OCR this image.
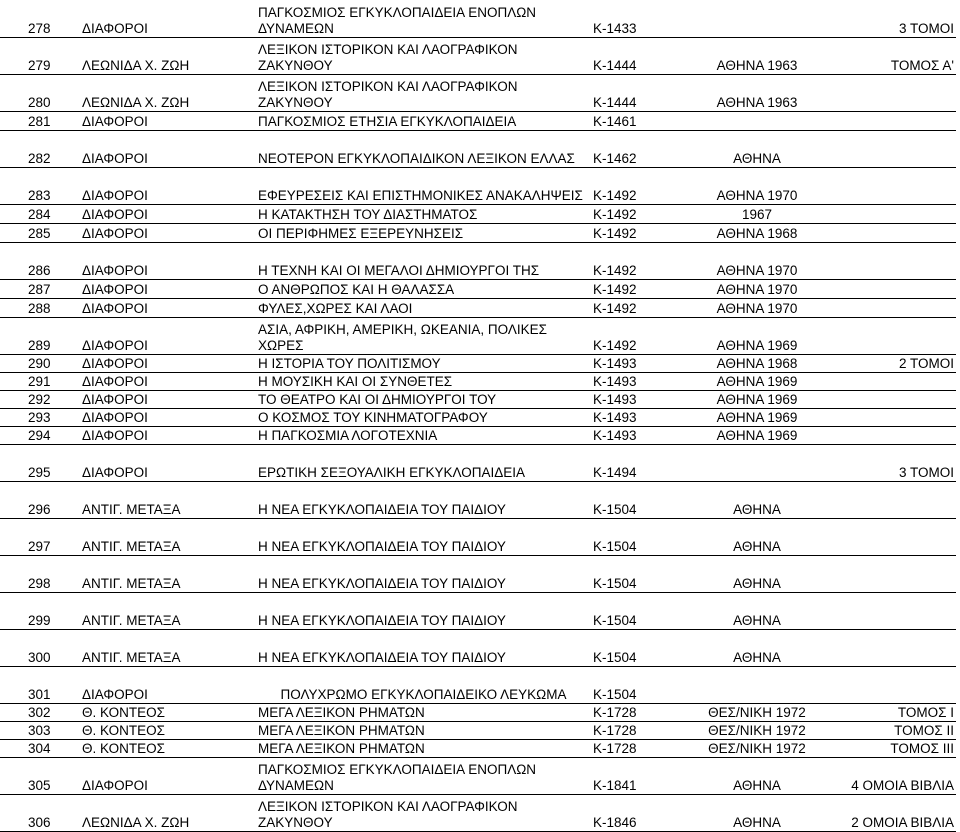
278	ΔΙΑΦΟΡΟΙ	ΠΑΓΚΟΣΜΙΟΣ ΕΓΚΥΚΛΟΠΑΙΔΕΙΑ ΕΝΟΠΛΩΝ ΔΥΝΑΜΕΩΝ	Κ-1433		3 ΤΟΜΟΙ
279	ΛΕΩΝΙΔΑ Χ. ΖΩΗ	ΛΕΞΙΚΟΝ ΙΣΤΟΡΙΚΟΝ ΚΑΙ ΛΑΟΓΡΑΦΙΚΟΝ ΖΑΚΥΝΘΟΥ	Κ-1444	ΑΘΗΝΑ 1963	ΤΟΜΟΣ Α'
280	ΛΕΩΝΙΔΑ Χ. ΖΩΗ	ΛΕΞΙΚΟΝ ΙΣΤΟΡΙΚΟΝ ΚΑΙ ΛΑΟΓΡΑΦΙΚΟΝ ΖΑΚΥΝΘΟΥ	Κ-1444	ΑΘΗΝΑ 1963	
281	ΔΙΑΦΟΡΟΙ	ΠΑΓΚΟΣΜΙΟΣ ΕΤΗΣΙΑ ΕΓΚΥΚΛΟΠΑΙΔΕΙΑ	Κ-1461		
282	ΔΙΑΦΟΡΟΙ	ΝΕΟΤΕΡΟΝ ΕΓΚΥΚΛΟΠΑΙΔΙΚΟΝ ΛΕΞΙΚΟΝ ΕΛΛΑΣ	Κ-1462	ΑΘΗΝΑ	
283	ΔΙΑΦΟΡΟΙ	ΕΦΕΥΡΕΣΕΙΣ ΚΑΙ ΕΠΙΣΤΗΜΟΝΙΚΕΣ ΑΝΑΚΑΛΗΨΕΙΣ	Κ-1492	ΑΘΗΝΑ 1970	
284	ΔΙΑΦΟΡΟΙ	Η ΚΑΤΑΚΤΗΣΗ ΤΟΥ ΔΙΑΣΤΗΜΑΤΟΣ	Κ-1492	1967	
285	ΔΙΑΦΟΡΟΙ	ΟΙ ΠΕΡΙΦΗΜΕΣ ΕΞΕΡΕΥΝΗΣΕΙΣ	Κ-1492	ΑΘΗΝΑ 1968	
286	ΔΙΑΦΟΡΟΙ	Η ΤΕΧΝΗ ΚΑΙ ΟΙ ΜΕΓΑΛΟΙ ΔΗΜΙΟΥΡΓΟΙ ΤΗΣ	Κ-1492	ΑΘΗΝΑ 1970	
287	ΔΙΑΦΟΡΟΙ	Ο ΑΝΘΡΩΠΟΣ ΚΑΙ Η ΘΑΛΑΣΣΑ	Κ-1492	ΑΘΗΝΑ 1970	
288	ΔΙΑΦΟΡΟΙ	ΦΥΛΕΣ,ΧΩΡΕΣ ΚΑΙ ΛΑΟΙ	Κ-1492	ΑΘΗΝΑ 1970	
289	ΔΙΑΦΟΡΟΙ	ΑΣΙΑ, ΑΦΡΙΚΗ, ΑΜΕΡΙΚΗ, ΩΚΕΑΝΙΑ, ΠΟΛΙΚΕΣ ΧΩΡΕΣ	Κ-1492	ΑΘΗΝΑ 1969	
290	ΔΙΑΦΟΡΟΙ	Η ΙΣΤΟΡΙΑ ΤΟΥ ΠΟΛΙΤΙΣΜΟΥ	Κ-1493	ΑΘΗΝΑ 1968	2 ΤΟΜΟΙ
291	ΔΙΑΦΟΡΟΙ	Η ΜΟΥΣΙΚΗ ΚΑΙ ΟΙ ΣΥΝΘΕΤΕΣ	Κ-1493	ΑΘΗΝΑ 1969	
292	ΔΙΑΦΟΡΟΙ	ΤΟ ΘΕΑΤΡΟ ΚΑΙ ΟΙ ΔΗΜΙΟΥΡΓΟΙ ΤΟΥ	Κ-1493	ΑΘΗΝΑ 1969	
293	ΔΙΑΦΟΡΟΙ	Ο ΚΟΣΜΟΣ ΤΟΥ ΚΙΝΗΜΑΤΟΓΡΑΦΟΥ	Κ-1493	ΑΘΗΝΑ 1969	
294	ΔΙΑΦΟΡΟΙ	Η ΠΑΓΚΟΣΜΙΑ ΛΟΓΟΤΕΧΝΙΑ	Κ-1493	ΑΘΗΝΑ 1969	
295	ΔΙΑΦΟΡΟΙ	ΕΡΩΤΙΚΗ ΣΕΞΟΥΑΛΙΚΗ ΕΓΚΥΚΛΟΠΑΙΔΕΙΑ	Κ-1494		3 ΤΟΜΟΙ
296	ΑΝΤΙΓ. ΜΕΤΑΞΑ	Η ΝΕΑ ΕΓΚΥΚΛΟΠΑΙΔΕΙΑ ΤΟΥ ΠΑΙΔΙΟΥ	Κ-1504	ΑΘΗΝΑ	
297	ΑΝΤΙΓ. ΜΕΤΑΞΑ	Η ΝΕΑ ΕΓΚΥΚΛΟΠΑΙΔΕΙΑ ΤΟΥ ΠΑΙΔΙΟΥ	Κ-1504	ΑΘΗΝΑ	
298	ΑΝΤΙΓ. ΜΕΤΑΞΑ	Η ΝΕΑ ΕΓΚΥΚΛΟΠΑΙΔΕΙΑ ΤΟΥ ΠΑΙΔΙΟΥ	Κ-1504	ΑΘΗΝΑ	
299	ΑΝΤΙΓ. ΜΕΤΑΞΑ	Η ΝΕΑ ΕΓΚΥΚΛΟΠΑΙΔΕΙΑ ΤΟΥ ΠΑΙΔΙΟΥ	Κ-1504	ΑΘΗΝΑ	
300	ΑΝΤΙΓ. ΜΕΤΑΞΑ	Η ΝΕΑ ΕΓΚΥΚΛΟΠΑΙΔΕΙΑ ΤΟΥ ΠΑΙΔΙΟΥ	Κ-1504	ΑΘΗΝΑ	
301	ΔΙΑΦΟΡΟΙ	ΠΟΛΥΧΡΩΜΟ ΕΓΚΥΚΛΟΠΑΙΔΕΙΚΟ ΛΕΥΚΩΜΑ	Κ-1504		
302	Θ. ΚΟΝΤΕΟΣ	ΜΕΓΑ ΛΕΞΙΚΟΝ ΡΗΜΑΤΩΝ	Κ-1728	ΘΕΣ/ΝΙΚΗ 1972	ΤΟΜΟΣ Ι
303	Θ. ΚΟΝΤΕΟΣ	ΜΕΓΑ ΛΕΞΙΚΟΝ ΡΗΜΑΤΩΝ	Κ-1728	ΘΕΣ/ΝΙΚΗ 1972	ΤΟΜΟΣ ΙΙ
304	Θ. ΚΟΝΤΕΟΣ	ΜΕΓΑ ΛΕΞΙΚΟΝ ΡΗΜΑΤΩΝ	Κ-1728	ΘΕΣ/ΝΙΚΗ 1972	ΤΟΜΟΣ ΙΙΙ
305	ΔΙΑΦΟΡΟΙ	ΠΑΓΚΟΣΜΙΟΣ ΕΓΚΥΚΛΟΠΑΙΔΕΙΑ ΕΝΟΠΛΩΝ ΔΥΝΑΜΕΩΝ	Κ-1841	ΑΘΗΝΑ	4 ΟΜΟΙΑ ΒΙΒΛΙΑ
306	ΛΕΩΝΙΔΑ Χ. ΖΩΗ	ΛΕΞΙΚΟΝ ΙΣΤΟΡΙΚΟΝ ΚΑΙ ΛΑΟΓΡΑΦΙΚΟΝ ΖΑΚΥΝΘΟΥ	Κ-1846	ΑΘΗΝΑ	2 ΟΜΟΙΑ ΒΙΒΛΙΑ
